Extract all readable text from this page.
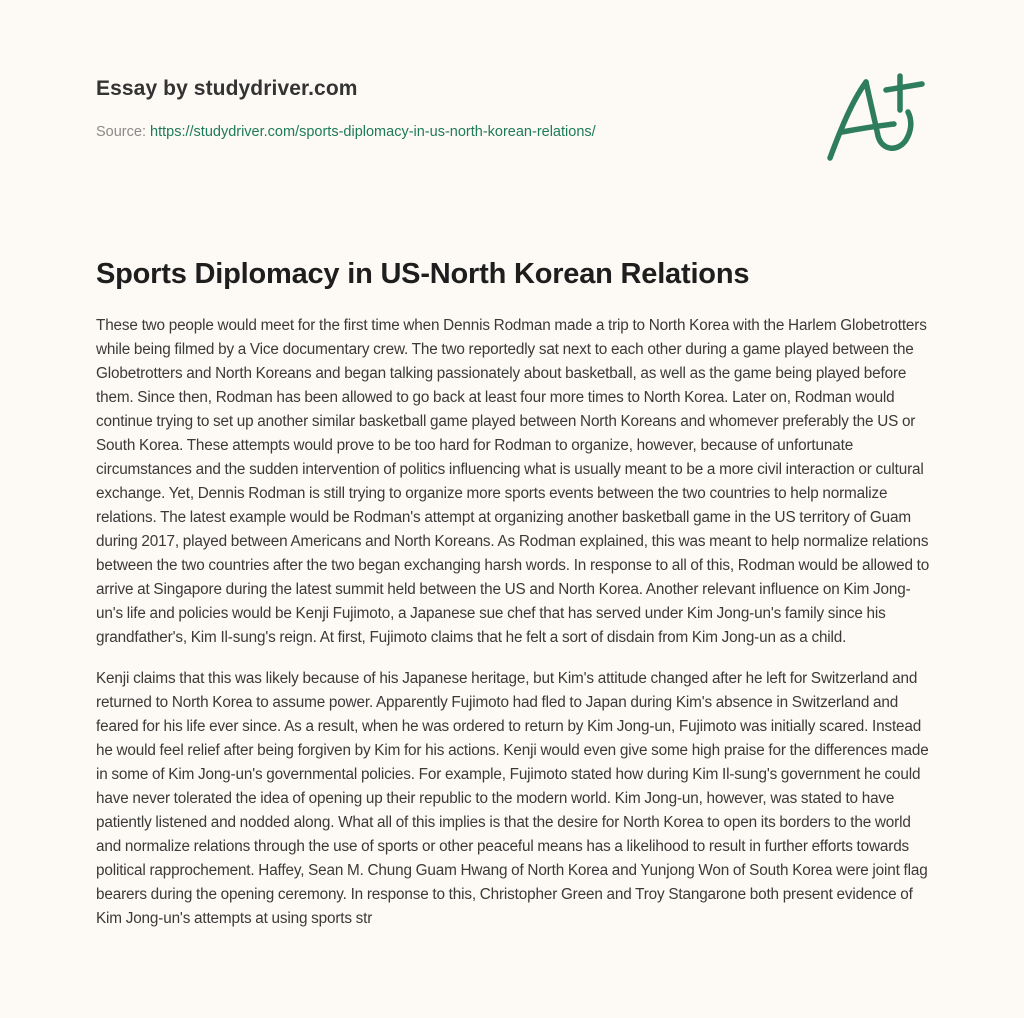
Essay by studydriver.com
Source: https://studydriver.com/sports-diplomacy-in-us-north-korean-relations/
Sports Diplomacy in US-North Korean Relations

These two people would meet for the first time when Dennis Rodman made a trip to North Korea with the Harlem Globetrotters while being filmed by a Vice documentary crew. The two reportedly sat next to each other during a game played between the Globetrotters and North Koreans and began talking passionately about basketball, as well as the game being played before them. Since then, Rodman has been allowed to go back at least four more times to North Korea. Later on, Rodman would continue trying to set up another similar basketball game played between North Koreans and whomever preferably the US or South Korea. These attempts would prove to be too hard for Rodman to organize, however, because of unfortunate circumstances and the sudden intervention of politics influencing what is usually meant to be a more civil interaction or cultural exchange. Yet, Dennis Rodman is still trying to organize more sports events between the two countries to help normalize relations. The latest example would be Rodman's attempt at organizing another basketball game in the US territory of Guam during 2017, played between Americans and North Koreans. As Rodman explained, this was meant to help normalize relations between the two countries after the two began exchanging harsh words. In response to all of this, Rodman would be allowed to arrive at Singapore during the latest summit held between the US and North Korea. Another relevant influence on Kim Jong-un's life and policies would be Kenji Fujimoto, a Japanese sue chef that has served under Kim Jong-un's family since his grandfather's, Kim Il-sung's reign. At first, Fujimoto claims that he felt a sort of disdain from Kim Jong-un as a child.

Kenji claims that this was likely because of his Japanese heritage, but Kim's attitude changed after he left for Switzerland and returned to North Korea to assume power. Apparently Fujimoto had fled to Japan during Kim's absence in Switzerland and feared for his life ever since. As a result, when he was ordered to return by Kim Jong-un, Fujimoto was initially scared. Instead he would feel relief after being forgiven by Kim for his actions. Kenji would even give some high praise for the differences made in some of Kim Jong-un's governmental policies. For example, Fujimoto stated how during Kim Il-sung's government he could have never tolerated the idea of opening up their republic to the modern world. Kim Jong-un, however, was stated to have patiently listened and nodded along. What all of this implies is that the desire for North Korea to open its borders to the world and normalize relations through the use of sports or other peaceful means has a likelihood to result in further efforts towards political rapprochement. Haffey, Sean M. Chung Guam Hwang of North Korea and Yunjong Won of South Korea were joint flag bearers during the opening ceremony. In response to this, Christopher Green and Troy Stangarone both present evidence of Kim Jong-un's attempts at using sports str
